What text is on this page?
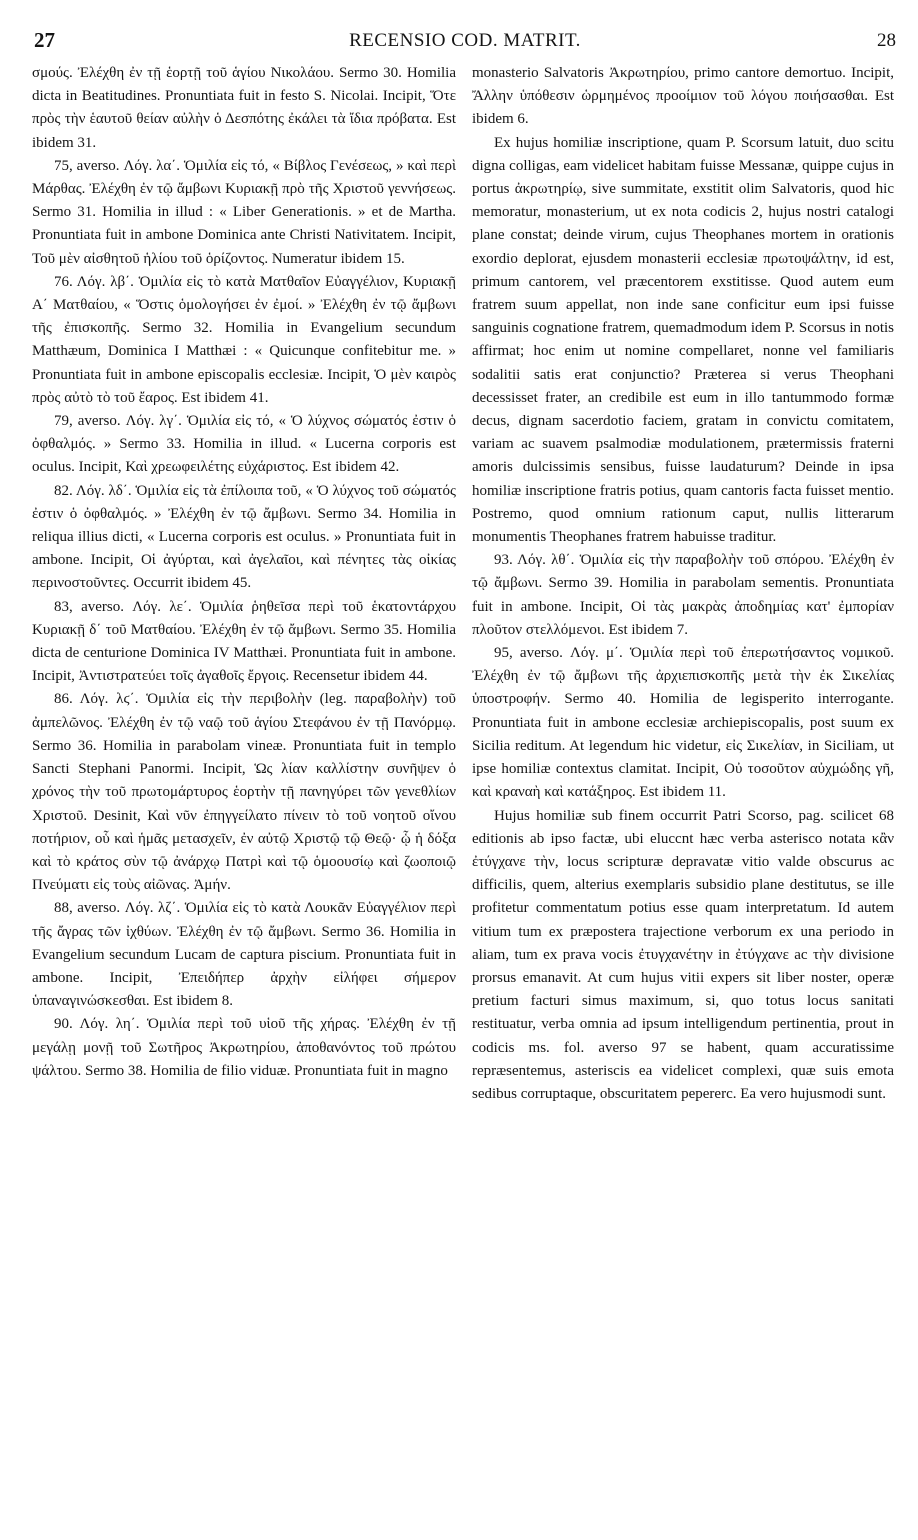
27	RECENSIO COD. MATRIT.	28

σμούς. Ἐλέχθη ἐν τῇ ἑορτῇ τοῦ ἁγίου Νικολάου. Sermo 30. Homilia dicta in Beatitudines. Pronuntiata fuit in festo S. Nicolai. Incipit, Ὅτε πρὸς τὴν ἑαυτοῦ θείαν αὐλὴν ὁ Δεσπότης ἐκάλει τὰ ἴδια πρόβατα. Est ibidem 31.

75, averso. Λόγ. λα΄. Ὁμιλία εἰς τό, « Βίβλος Γενέσεως, » καὶ περὶ Μάρθας. Ἐλέχθη ἐν τῷ ἄμβωνι Κυριακῇ πρὸ τῆς Χριστοῦ γεννήσεως. Sermo 31. Homilia in illud : « Liber Generationis. » et de Martha. Pronuntiata fuit in ambone Dominica ante Christi Nativitatem. Incipit, Τοῦ μὲν αἰσθητοῦ ἡλίου τοῦ ὁρίζοντος. Numeratur ibidem 15.

76. Λόγ. λβ΄. Ὁμιλία εἰς τὸ κατὰ Ματθαῖον Εὐαγγέλιον, Κυριακῇ Α΄ Ματθαίου, « Ὅστις ὁμολογήσει ἐν ἐμοί. » Ἐλέχθη ἐν τῷ ἄμβωνι τῆς ἐπισκοπῆς. Sermo 32. Homilia in Evangelium secundum Matthæum, Dominica I Matthæi : « Quicunque confitebitur me. » Pronuntiata fuit in ambone episcopalis ecclesiæ. Incipit, Ὁ μὲν καιρὸς πρὸς αὐτὸ τὸ τοῦ ἔαρος. Est ibidem 41.

79, averso. Λόγ. λγ΄. Ὁμιλία εἰς τό, « Ὁ λύχνος σώματός ἐστιν ὁ ὀφθαλμός. » Sermo 33. Homilia in illud. « Lucerna corporis est oculus. Incipit, Καὶ χρεωφειλέτης εὐχάριστος. Est ibidem 42.

82. Λόγ. λδ΄. Ὁμιλία εἰς τὰ ἐπίλοιπα τοῦ, « Ὁ λύχνος τοῦ σώματός ἐστιν ὁ ὀφθαλμός. » Ἐλέχθη ἐν τῷ ἄμβωνι. Sermo 34. Homilia in reliqua illius dicti, « Lucerna corporis est oculus. » Pronuntiata fuit in ambone. Incipit, Οἱ ἀγύρται, καὶ ἀγελαῖοι, καὶ πένητες τὰς οἰκίας περινοστοῦντες. Occurrit ibidem 45.

83, averso. Λόγ. λε΄. Ὁμιλία ῥηθεῖσα περὶ τοῦ ἑκατοντάρχου Κυριακῇ δ΄ τοῦ Ματθαίου. Ἐλέχθη ἐν τῷ ἄμβωνι. Sermo 35. Homilia dicta de centurione Dominica IV Matthæi. Pronuntiata fuit in ambone. Incipit, Ἀντιστρατεύει τοῖς ἀγαθοῖς ἔργοις. Recensetur ibidem 44.

86. Λόγ. λϛ΄. Ὁμιλία εἰς τὴν περιβολὴν (leg. παραβολὴν) τοῦ ἀμπελῶνος. Ἐλέχθη ἐν τῷ ναῷ τοῦ ἁγίου Στεφάνου ἐν τῇ Πανόρμῳ. Sermo 36. Homilia in parabolam vineæ. Pronuntiata fuit in templo Sancti Stephani Panormi. Incipit, Ὡς λίαν καλλίστην συνῆψεν ὁ χρόνος τὴν τοῦ πρωτομάρτυρος ἑορτὴν τῇ πανηγύρει τῶν γενεθλίων Χριστοῦ. Desinit, Καὶ νῦν ἐπηγγείλατο πίνειν τὸ τοῦ νοητοῦ οἴνου ποτήριον, οὗ καὶ ἡμᾶς μετασχεῖν, ἐν αὐτῷ Χριστῷ τῷ Θεῷ· ᾧ ἡ δόξα καὶ τὸ κράτος σὺν τῷ ἀνάρχῳ Πατρὶ καὶ τῷ ὁμοουσίῳ καὶ ζωοποιῷ Πνεύματι εἰς τοὺς αἰῶνας. Ἀμήν.

88, averso. Λόγ. λζ΄. Ὁμιλία εἰς τὸ κατὰ Λουκᾶν Εὐαγγέλιον περὶ τῆς ἄγρας τῶν ἰχθύων. Ἐλέχθη ἐν τῷ ἄμβωνι. Sermo 36. Homilia in Evangelium secundum Lucam de captura piscium. Pronuntiata fuit in ambone. Incipit, Ἐπειδήπερ ἀρχὴν εἰλήφει σήμερον ὑπαναγινώσκεσθαι. Est ibidem 8.

90. Λόγ. λη΄. Ὁμιλία περὶ τοῦ υἱοῦ τῆς χήρας. Ἐλέχθη ἐν τῇ μεγάλῃ μονῇ τοῦ Σωτῆρος Ἀκρωτηρίου, ἀποθανόντος τοῦ πρώτου ψάλτου. Sermo 38. Homilia de filio viduæ. Pronuntiata fuit in magno

monasterio Salvatoris Ἀκρωτηρίου, primo cantore demortuo. Incipit, Ἄλλην ὑπόθεσιν ὡρμημένος προοίμιον τοῦ λόγου ποιήσασθαι. Est ibidem 6.

Ex hujus homiliæ inscriptione, quam P. Scorsum latuit, duo scitu digna colligas, eam videlicet habitam fuisse Messanæ, quippe cujus in portus ἀκρωτηρίῳ, sive summitate, exstitit olim Salvatoris, quod hic memoratur, monasterium, ut ex nota codicis 2, hujus nostri catalogi plane constat; deinde virum, cujus Theophanes mortem in orationis exordio deplorat, ejusdem monasterii ecclesiæ πρωτοψάλτην, id est, primum cantorem, vel præcentorem exstitisse. Quod autem eum fratrem suum appellat, non inde sane conficitur eum ipsi fuisse sanguinis cognatione fratrem, quemadmodum idem P. Scorsus in notis affirmat; hoc enim ut nomine compellaret, nonne vel familiaris sodalitii satis erat conjunctio? Præterea si verus Theophani decessisset frater, an credibile est eum in illo tantummodo formæ decus, dignam sacerdotio faciem, gratam in convictu comitatem, variam ac suavem psalmodiæ modulationem, prætermissis fraterni amoris dulcissimis sensibus, fuisse laudaturum? Deinde in ipsa homiliæ inscriptione fratris potius, quam cantoris facta fuisset mentio. Postremo, quod omnium rationum caput, nullis litterarum monumentis Theophanes fratrem habuisse traditur.

93. Λόγ. λθ΄. Ὁμιλία εἰς τὴν παραβολὴν τοῦ σπόρου. Ἐλέχθη ἐν τῷ ἄμβωνι. Sermo 39. Homilia in parabolam sementis. Pronuntiata fuit in ambone. Incipit, Οἱ τὰς μακρὰς ἀποδημίας κατ' ἐμπορίαν πλοῦτον στελλόμενοι. Est ibidem 7.

95, averso. Λόγ. μ΄. Ὁμιλία περὶ τοῦ ἐπερωτήσαντος νομικοῦ. Ἐλέχθη ἐν τῷ ἄμβωνι τῆς ἀρχιεπισκοπῆς μετὰ τὴν ἐκ Σικελίας ὑποστροφήν. Sermo 40. Homilia de legisperito interrogante. Pronuntiata fuit in ambone ecclesiæ archiepiscopalis, post suum ex Sicilia reditum. At legendum hic videtur, εἰς Σικελίαν, in Siciliam, ut ipse homiliæ contextus clamitat. Incipit, Οὐ τοσοῦτον αὐχμώδης γῆ, καὶ κραναὴ καὶ κατάξηρος. Est ibidem 11.

Hujus homiliæ sub finem occurrit Patri Scorso, pag. scilicet 68 editionis ab ipso factæ, ubi eluccnt hæc verba asterisco notata κἂν ἐτύγχανε τὴν, locus scripturæ depravatæ vitio valde obscurus ac difficilis, quem, alterius exemplaris subsidio plane destitutus, se ille profitetur commentatum potius esse quam interpretatum. Id autem vitium tum ex præpostera trajectione verborum ex una periodo in aliam, tum ex prava vocis ἐτυγχανέτην in ἐτύγχανε ac τὴν divisione prorsus emanavit. At cum hujus vitii expers sit liber noster, operæ pretium facturi simus maximum, si, quo totus locus sanitati restituatur, verba omnia ad ipsum intelligendum pertinentia, prout in codicis ms. fol. averso 97 se habent, quam accuratissime repræsentemus, asteriscis ea videlicet complexi, quæ suis emota sedibus corruptaque, obscuritatem pepererc. Ea vero hujusmodi sunt.
